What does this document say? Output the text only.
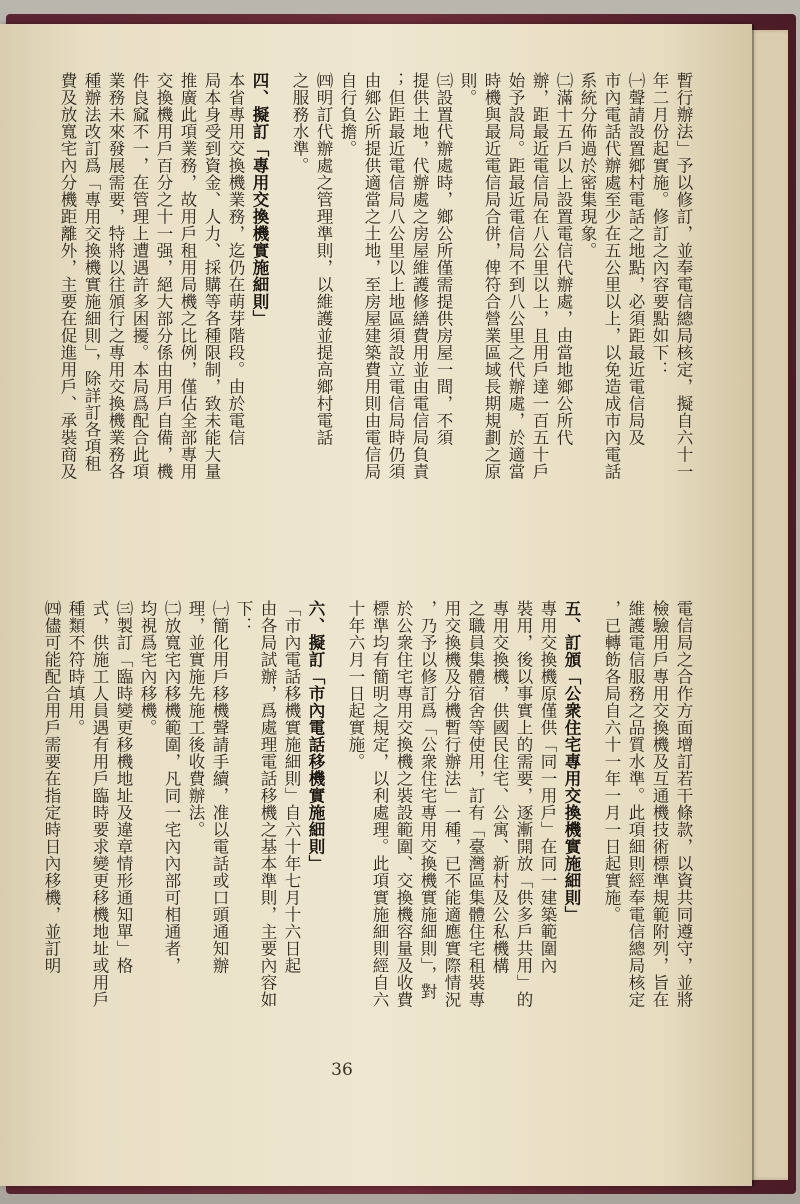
暫行辦法」予以修訂，並奉電信總局核定，擬自六十一
年二月份起實施。修訂之內容要點如下：
㈠聲請設置鄉村電話之地點，必須距最近電信局及
市內電話代辦處至少在五公里以上，以免造成市內電話
系統分佈過於密集現象。
㈡滿十五戶以上設置電信代辦處，由當地鄉公所代
辦，距最近電信局在八公里以上，且用戶達一百五十戶
始予設局。距最近電信局不到八公里之代辦處，於適當
時機與最近電信局合併，俾符合營業區域長期規劃之原
則。
㈢設置代辦處時，鄉公所僅需提供房屋一間，不須
提供土地，代辦處之房屋維護修繕費用並由電信局負責
；但距最近電信局八公里以上地區須設立電信局時仍須
由鄉公所提供適當之土地，至房屋建築費用則由電信局
自行負擔。
㈣明訂代辦處之管理準則，以維護並提高鄉村電話
之服務水準。
四、擬訂「專用交換機實施細則」
本省專用交換機業務，迄仍在萌芽階段。由於電信
局本身受到資金、人力、採購等各種限制，致未能大量
推廣此項業務，故用戶租用局機之比例，僅佔全部專用
交換機用戶百分之十一强，絕大部分係由用戶自備，機
件良窳不一，在管理上遭遇許多困擾。本局爲配合此項
業務未來發展需要，特將以往頒行之專用交換機業務各
種辦法改訂爲「專用交換機實施細則」，除詳訂各項租
費及放寬宅內分機距離外，主要在促進用戶、承裝商及
電信局之合作方面增訂若干條款，以資共同遵守，並將
檢驗用戶專用交換機及互通機技術標準規範附列，旨在
維護電信服務之品質水準。此項細則經奉電信總局核定
，已轉飭各局自六十一年一月一日起實施。
五、訂頒「公衆住宅專用交換機實施細則」
專用交換機原僅供「同一用戶」在同一建築範圍內
裝用，後以事實上的需要，逐漸開放「供多戶共用」的
專用交換機，供國民住宅、公寓、新村及公私機構
之職員集體宿舍等使用，訂有「臺灣區集體住宅租裝專
用交換機及分機暫行辦法」一種，已不能適應實際情況
，乃予以修訂爲「公衆住宅專用交換機實施細則」，對
於公衆住宅專用交換機之裝設範圍、交換機容量及收費
標準均有簡明之規定，以利處理。此項實施細則經自六
十年六月一日起實施。
六、擬訂「市內電話移機實施細則」
「市內電話移機實施細則」自六十年七月十六日起
由各局試辦，爲處理電話移機之基本準則，主要內容如
下：
㈠簡化用戶移機聲請手續，准以電話或口頭通知辦
理，並實施先施工後收費辦法。
㈡放寬宅內移機範圍，凡同一宅內內部可相通者，
均視爲宅內移機。
㈢製訂「臨時變更移機地址及違章情形通知單」格
式，供施工人員遇有用戶臨時要求變更移機地址或用戶
種類不符時填用。
㈣儘可能配合用戶需要在指定時日內移機，並訂明
36
